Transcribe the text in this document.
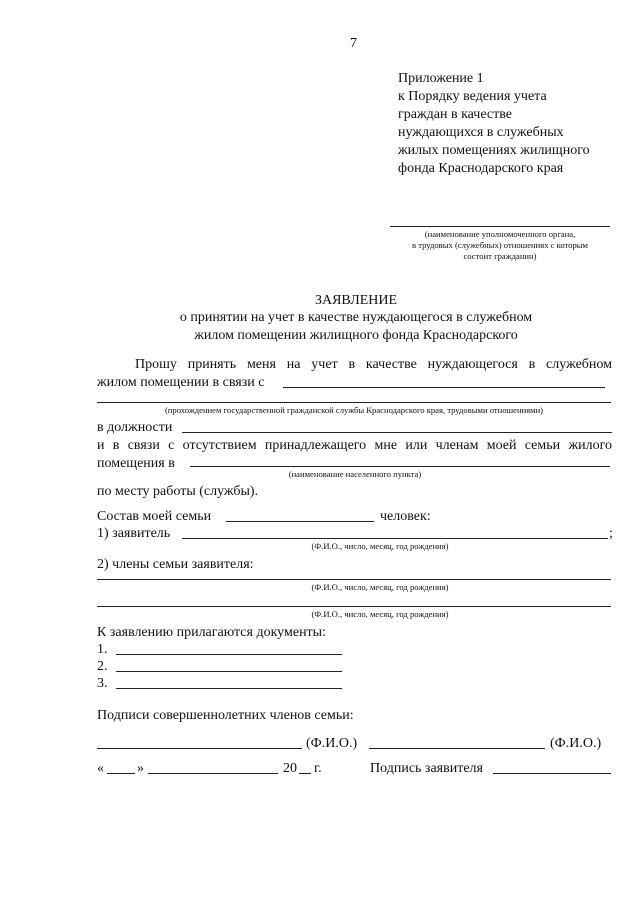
7
Приложение 1
к Порядку ведения учета
граждан в качестве
нуждающихся в служебных
жилых помещениях жилищного
фонда Краснодарского края
(наименование уполномоченного органа,
в трудовых (служебных) отношениях с которым
состоит гражданин)
ЗАЯВЛЕНИЕ
о принятии на учет в качестве нуждающегося в служебном
жилом помещении жилищного фонда Краснодарского
Прошу принять меня на учет в качестве нуждающегося в служебном
жилом помещении в связи с
(прохождением государственной гражданской службы Краснодарского края, трудовыми отношениями)
в должности
и в связи с отсутствием принадлежащего мне или членам моей семьи жилого
помещения в
(наименование населенного пункта)
по месту работы (службы).
Состав моей семьи	человек:
1) заявитель	;
(Ф.И.О., число, месяц, год рождения)
2) члены семьи заявителя:
(Ф.И.О., число, месяц, год рождения)
(Ф.И.О., число, месяц, год рождения)
К заявлению прилагаются документы:
1.
2.
3.
Подписи совершеннолетних членов семьи:
(Ф.И.О.)	(Ф.И.О.)
« »	20 г.	Подпись заявителя
